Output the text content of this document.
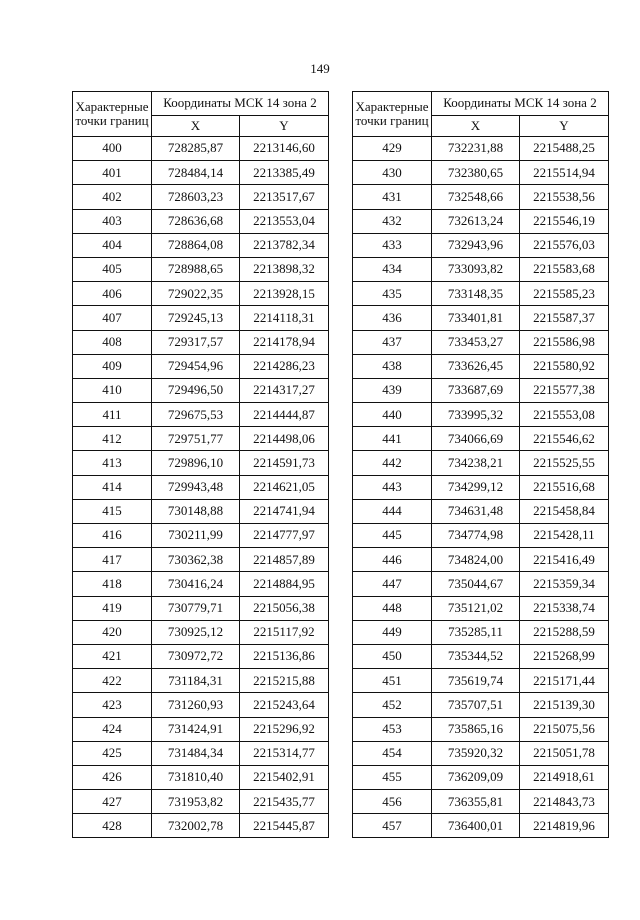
149
Характерные точки границ	Координаты МСК 14 зона 2	
	X	Y
400	728285,87	2213146,60
401	728484,14	2213385,49
402	728603,23	2213517,67
403	728636,68	2213553,04
404	728864,08	2213782,34
405	728988,65	2213898,32
406	729022,35	2213928,15
407	729245,13	2214118,31
408	729317,57	2214178,94
409	729454,96	2214286,23
410	729496,50	2214317,27
411	729675,53	2214444,87
412	729751,77	2214498,06
413	729896,10	2214591,73
414	729943,48	2214621,05
415	730148,88	2214741,94
416	730211,99	2214777,97
417	730362,38	2214857,89
418	730416,24	2214884,95
419	730779,71	2215056,38
420	730925,12	2215117,92
421	730972,72	2215136,86
422	731184,31	2215215,88
423	731260,93	2215243,64
424	731424,91	2215296,92
425	731484,34	2215314,77
426	731810,40	2215402,91
427	731953,82	2215435,77
428	732002,78	2215445,87
Характерные точки границ	Координаты МСК 14 зона 2	
	X	Y
429	732231,88	2215488,25
430	732380,65	2215514,94
431	732548,66	2215538,56
432	732613,24	2215546,19
433	732943,96	2215576,03
434	733093,82	2215583,68
435	733148,35	2215585,23
436	733401,81	2215587,37
437	733453,27	2215586,98
438	733626,45	2215580,92
439	733687,69	2215577,38
440	733995,32	2215553,08
441	734066,69	2215546,62
442	734238,21	2215525,55
443	734299,12	2215516,68
444	734631,48	2215458,84
445	734774,98	2215428,11
446	734824,00	2215416,49
447	735044,67	2215359,34
448	735121,02	2215338,74
449	735285,11	2215288,59
450	735344,52	2215268,99
451	735619,74	2215171,44
452	735707,51	2215139,30
453	735865,16	2215075,56
454	735920,32	2215051,78
455	736209,09	2214918,61
456	736355,81	2214843,73
457	736400,01	2214819,96
